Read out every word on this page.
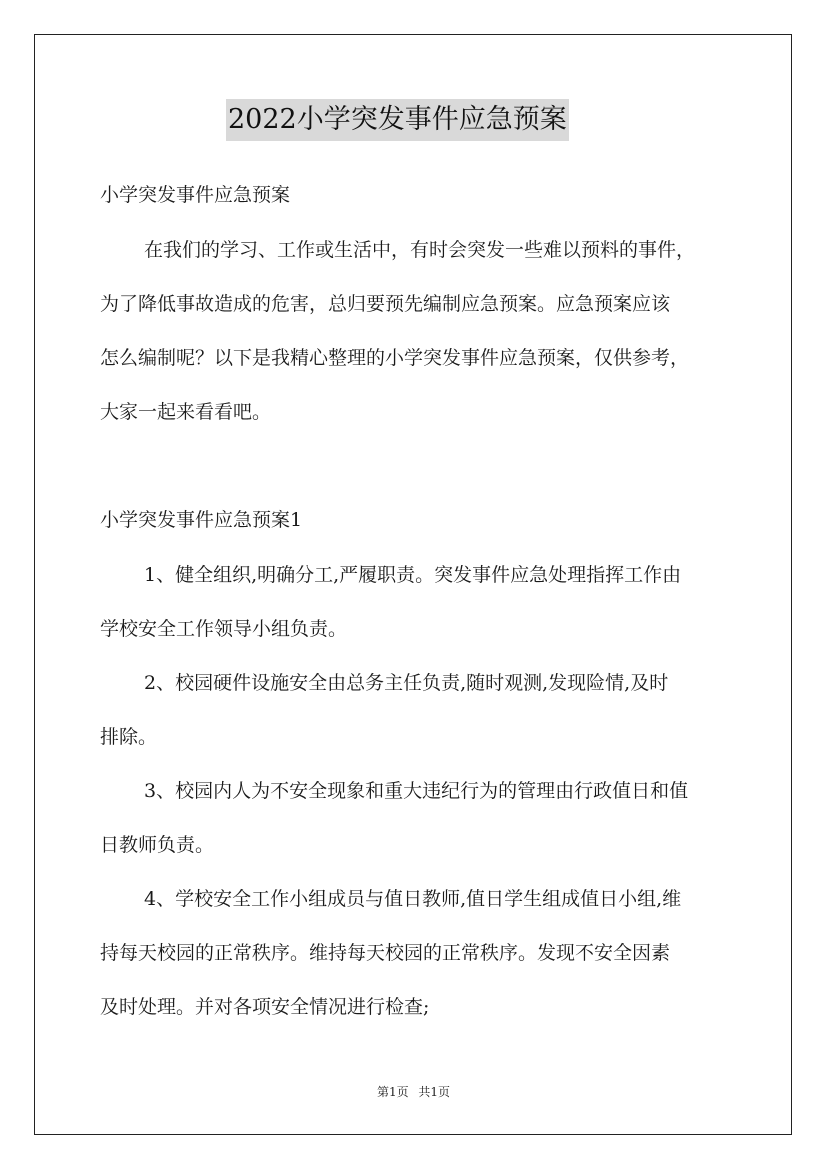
2022小学突发事件应急预案
小学突发事件应急预案
在我们的学习、工作或生活中，有时会突发一些难以预料的事件，
为了降低事故造成的危害，总归要预先编制应急预案。应急预案应该
怎么编制呢？以下是我精心整理的小学突发事件应急预案，仅供参考，
大家一起来看看吧。
小学突发事件应急预案1
1、健全组织,明确分工,严履职责。突发事件应急处理指挥工作由
学校安全工作领导小组负责。
2、校园硬件设施安全由总务主任负责,随时观测,发现险情,及时
排除。
3、校园内人为不安全现象和重大违纪行为的管理由行政值日和值
日教师负责。
4、学校安全工作小组成员与值日教师,值日学生组成值日小组,维
持每天校园的正常秩序。维持每天校园的正常秩序。发现不安全因素
及时处理。并对各项安全情况进行检查;
第1页 共1页
